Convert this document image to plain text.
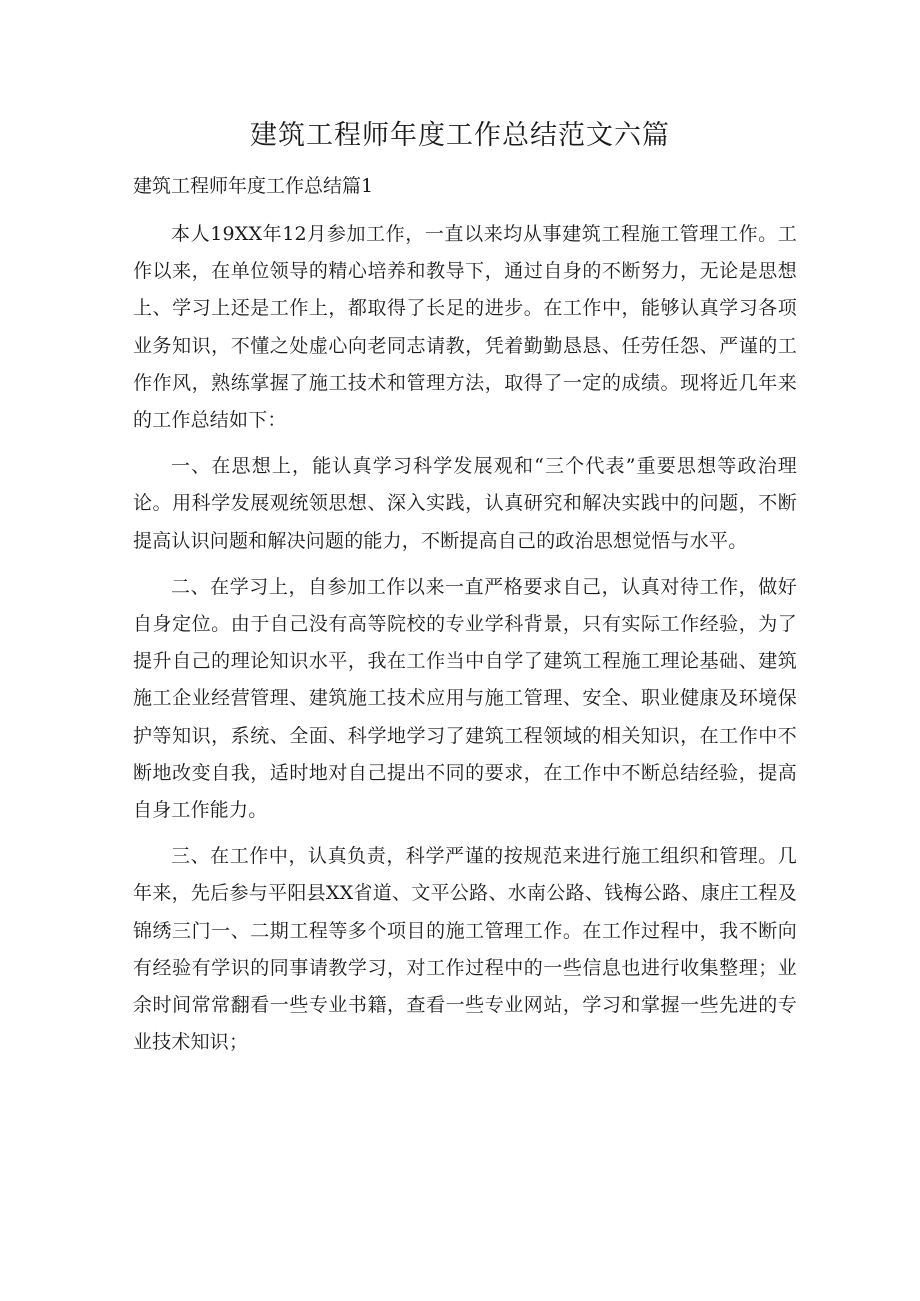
建筑工程师年度工作总结范文六篇
建筑工程师年度工作总结篇1

本人19XX年12月参加工作，一直以来均从事建筑工程施工管理工作。工作以来，在单位领导的精心培养和教导下，通过自身的不断努力，无论是思想上、学习上还是工作上，都取得了长足的进步。在工作中，能够认真学习各项业务知识，不懂之处虚心向老同志请教，凭着勤勤恳恳、任劳任怨、严谨的工作作风，熟练掌握了施工技术和管理方法，取得了一定的成绩。现将近几年来的工作总结如下：

一、在思想上，能认真学习科学发展观和“三个代表”重要思想等政治理论。用科学发展观统领思想、深入实践，认真研究和解决实践中的问题，不断提高认识问题和解决问题的能力，不断提高自己的政治思想觉悟与水平。

二、在学习上，自参加工作以来一直严格要求自己，认真对待工作，做好自身定位。由于自己没有高等院校的专业学科背景，只有实际工作经验，为了提升自己的理论知识水平，我在工作当中自学了建筑工程施工理论基础、建筑施工企业经营管理、建筑施工技术应用与施工管理、安全、职业健康及环境保护等知识，系统、全面、科学地学习了建筑工程领域的相关知识，在工作中不断地改变自我，适时地对自己提出不同的要求，在工作中不断总结经验，提高自身工作能力。

三、在工作中，认真负责，科学严谨的按规范来进行施工组织和管理。几年来，先后参与平阳县XX省道、文平公路、水南公路、钱梅公路、康庄工程及锦绣三门一、二期工程等多个项目的施工管理工作。在工作过程中，我不断向有经验有学识的同事请教学习，对工作过程中的一些信息也进行收集整理；业余时间常常翻看一些专业书籍，查看一些专业网站，学习和掌握一些先进的专业技术知识；
